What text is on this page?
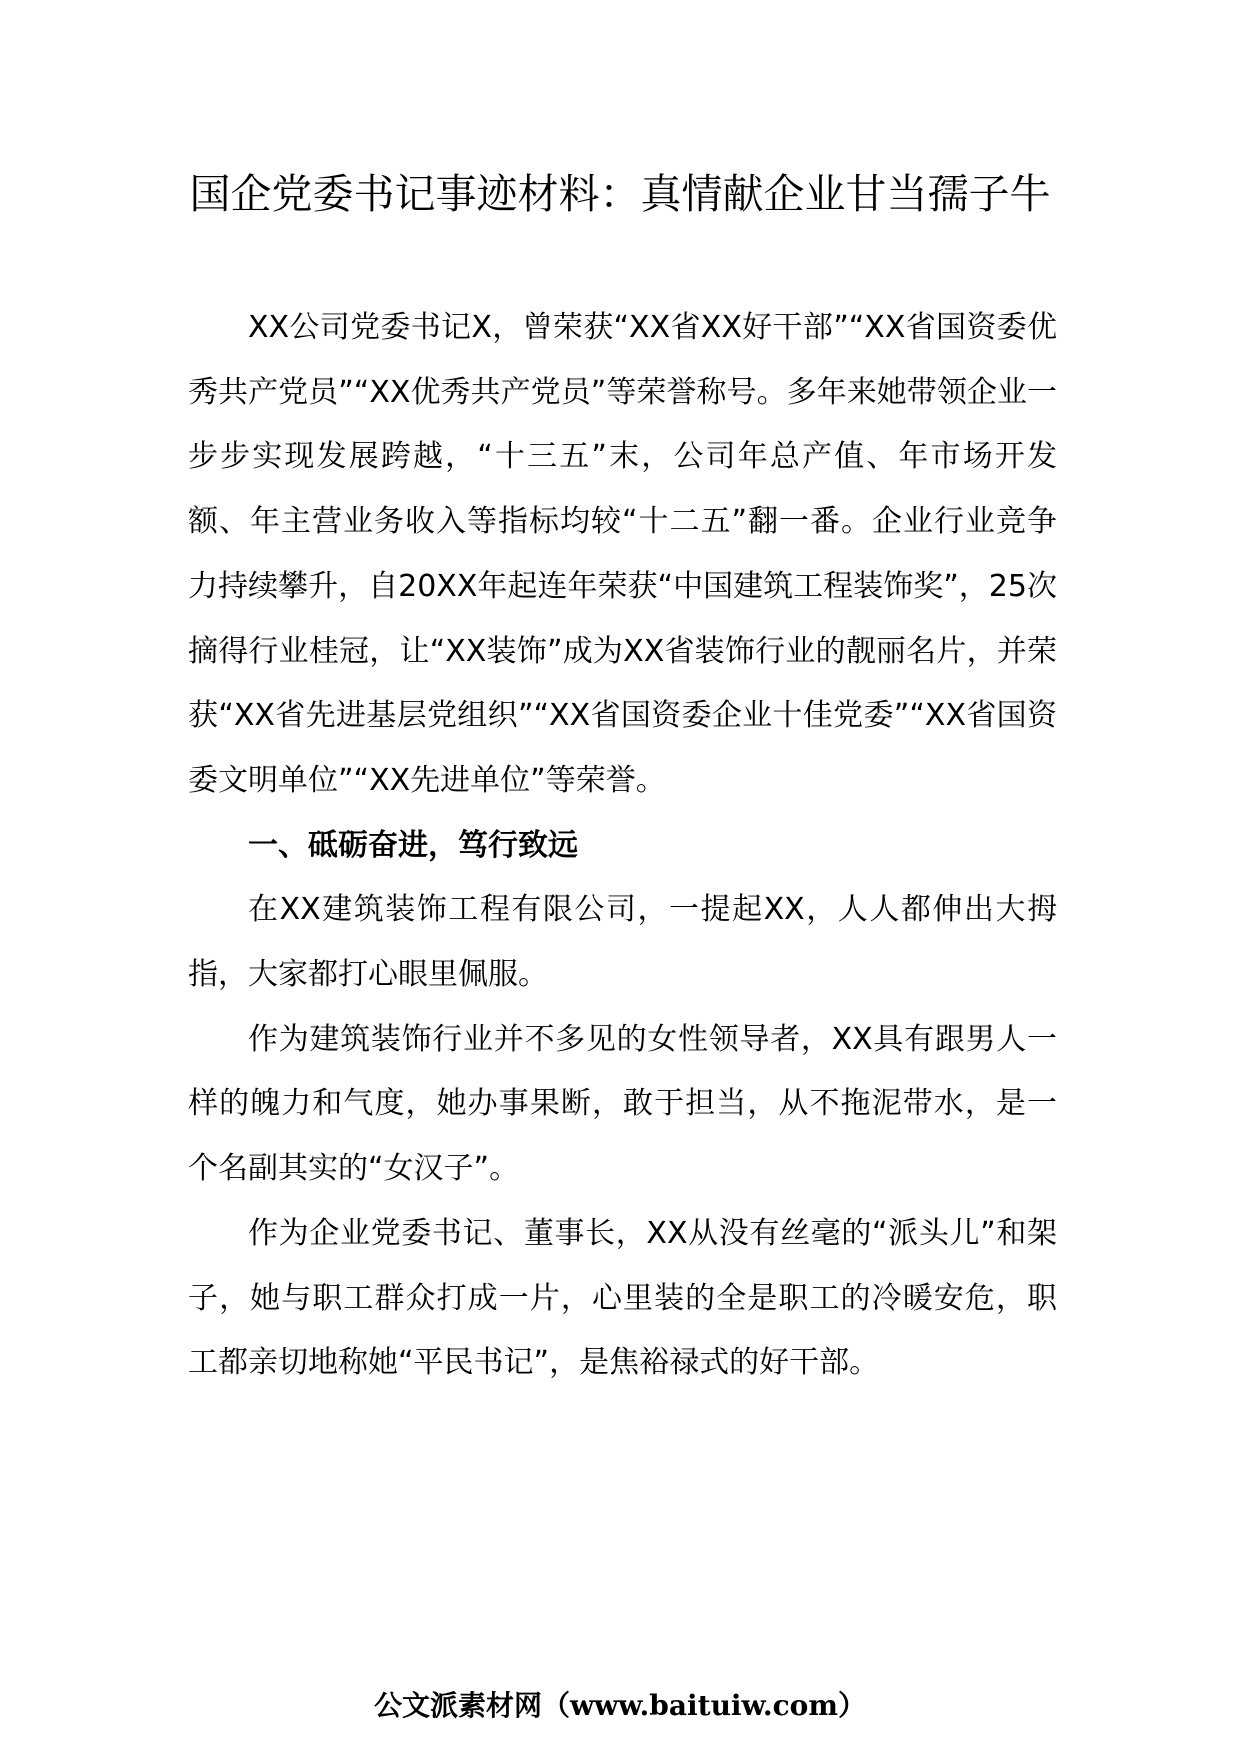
国企党委书记事迹材料：真情献企业甘当孺子牛

XX公司党委书记X，曾荣获“XX省XX好干部”“XX省国资委优秀共产党员”“XX优秀共产党员”等荣誉称号。多年来她带领企业一步步实现发展跨越，“十三五”末，公司年总产值、年市场开发额、年主营业务收入等指标均较“十二五”翻一番。企业行业竞争力持续攀升，自20XX年起连年荣获“中国建筑工程装饰奖”，25次摘得行业桂冠，让“XX装饰”成为XX省装饰行业的靓丽名片，并荣获“XX省先进基层党组织”“XX省国资委企业十佳党委”“XX省国资委文明单位”“XX先进单位”等荣誉。

一、砥砺奋进，笃行致远

在XX建筑装饰工程有限公司，一提起XX，人人都伸出大拇指，大家都打心眼里佩服。

作为建筑装饰行业并不多见的女性领导者，XX具有跟男人一样的魄力和气度，她办事果断，敢于担当，从不拖泥带水，是一个名副其实的“女汉子”。

作为企业党委书记、董事长，XX从没有丝毫的“派头儿”和架子，她与职工群众打成一片，心里装的全是职工的冷暖安危，职工都亲切地称她“平民书记”，是焦裕禄式的好干部。

公文派素材网（www.baituiw.com）
